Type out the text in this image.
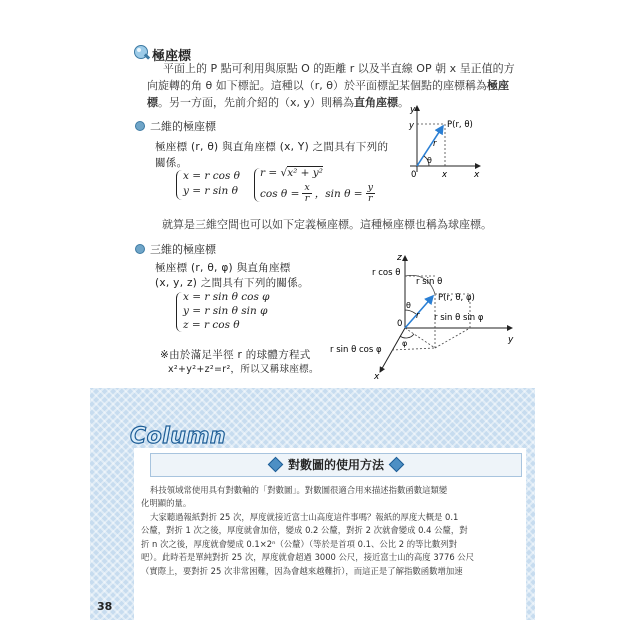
極座標
平面上的 P 點可利用與原點 O 的距離 r 以及半直線 OP 朝 x 呈正值的方
向旋轉的角 θ 如下標記。這種以（r, θ）於平面標記某個點的座標稱為極座
標。另一方面，先前介紹的（x, y）則稱為直角座標。
二維的極座標
極座標 (r, θ) 與直角座標 (x, Y) 之間具有下列的
關係。
x = r cos θ
y = r sin θ
r = √x² + y²
$\cos \theta = \frac{x}{r}$ ，$\sin \theta = \frac{y}{r}$
y
x
0
P(r, θ)
y
x
r
θ
就算是三維空間也可以如下定義極座標。這種極座標也稱為球座標。
三維的極座標
極座標 (r, θ, φ) 與直角座標
(x, y, z) 之間具有下列的關係。
x = r sin θ cos φ
y = r sin θ sin φ
z = r cos θ
※由於滿足半徑 r 的球體方程式
x²+y²+z²=r²，所以又稱球座標。
z
y
x
0
r cos θ
r sin θ
P(r, θ, φ)
θ
r
φ
r sin θ sin φ
r sin θ cos φ
Column
對數圖的使用方法
科技領域常使用具有對數軸的「對數圖」。對數圖很適合用來描述指數函數這類變
化明顯的量。
大家聽過報紙對折 25 次，厚度就接近富士山高度這件事嗎？報紙的厚度大概是 0.1
公釐，對折 1 次之後，厚度就會加倍，變成 0.2 公釐，對折 2 次就會變成 0.4 公釐，對
折 n 次之後，厚度就會變成 0.1×2ⁿ（公釐）（等於是首項 0.1、公比 2 的等比數列對
吧）。此時若是單純對折 25 次，厚度就會超過 3000 公尺，接近富士山的高度 3776 公尺
（實際上，要對折 25 次非常困難，因為會越來越難折），而這正是了解指數函數增加速
38
